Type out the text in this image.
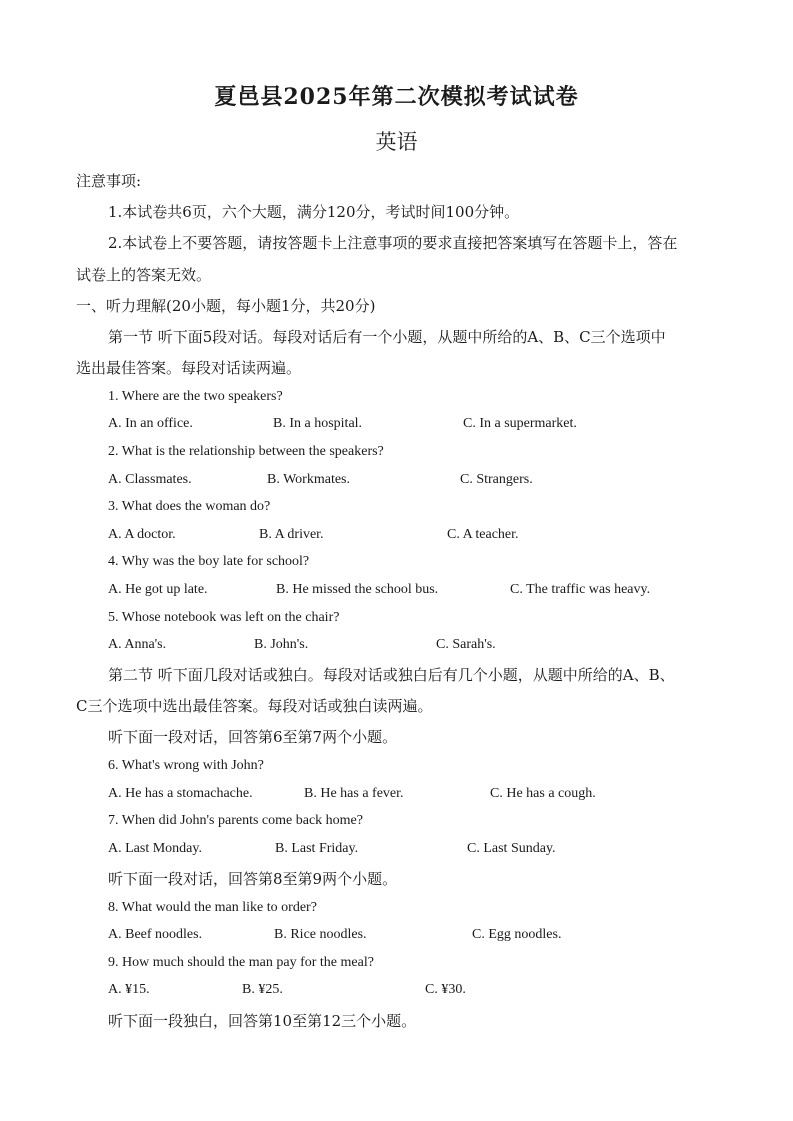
夏邑县2025年第二次模拟考试试卷
英语
注意事项:
1.本试卷共6页，六个大题，满分120分，考试时间100分钟。
2.本试卷上不要答题，请按答题卡上注意事项的要求直接把答案填写在答题卡上，答在
试卷上的答案无效。
一、听力理解(20小题，每小题1分，共20分)
第一节 听下面5段对话。每段对话后有一个小题，从题中所给的A、B、C三个选项中
选出最佳答案。每段对话读两遍。
1. Where are the two speakers?
A. In an office.	B. In a hospital.	C. In a supermarket.
2. What is the relationship between the speakers?
A. Classmates.	B. Workmates.	C. Strangers.
3. What does the woman do?
A. A doctor.	B. A driver.	C. A teacher.
4. Why was the boy late for school?
A. He got up late.	B. He missed the school bus.	C. The traffic was heavy.
5. Whose notebook was left on the chair?
A. Anna's.	B. John's.	C. Sarah's.
第二节 听下面几段对话或独白。每段对话或独白后有几个小题，从题中所给的A、B、
C三个选项中选出最佳答案。每段对话或独白读两遍。
听下面一段对话，回答第6至第7两个小题。
6. What's wrong with John?
A. He has a stomachache.	B. He has a fever.	C. He has a cough.
7. When did John's parents come back home?
A. Last Monday.	B. Last Friday.	C. Last Sunday.
听下面一段对话，回答第8至第9两个小题。
8. What would the man like to order?
A. Beef noodles.	B. Rice noodles.	C. Egg noodles.
9. How much should the man pay for the meal?
A. ¥15.	B. ¥25.	C. ¥30.
听下面一段独白，回答第10至第12三个小题。
